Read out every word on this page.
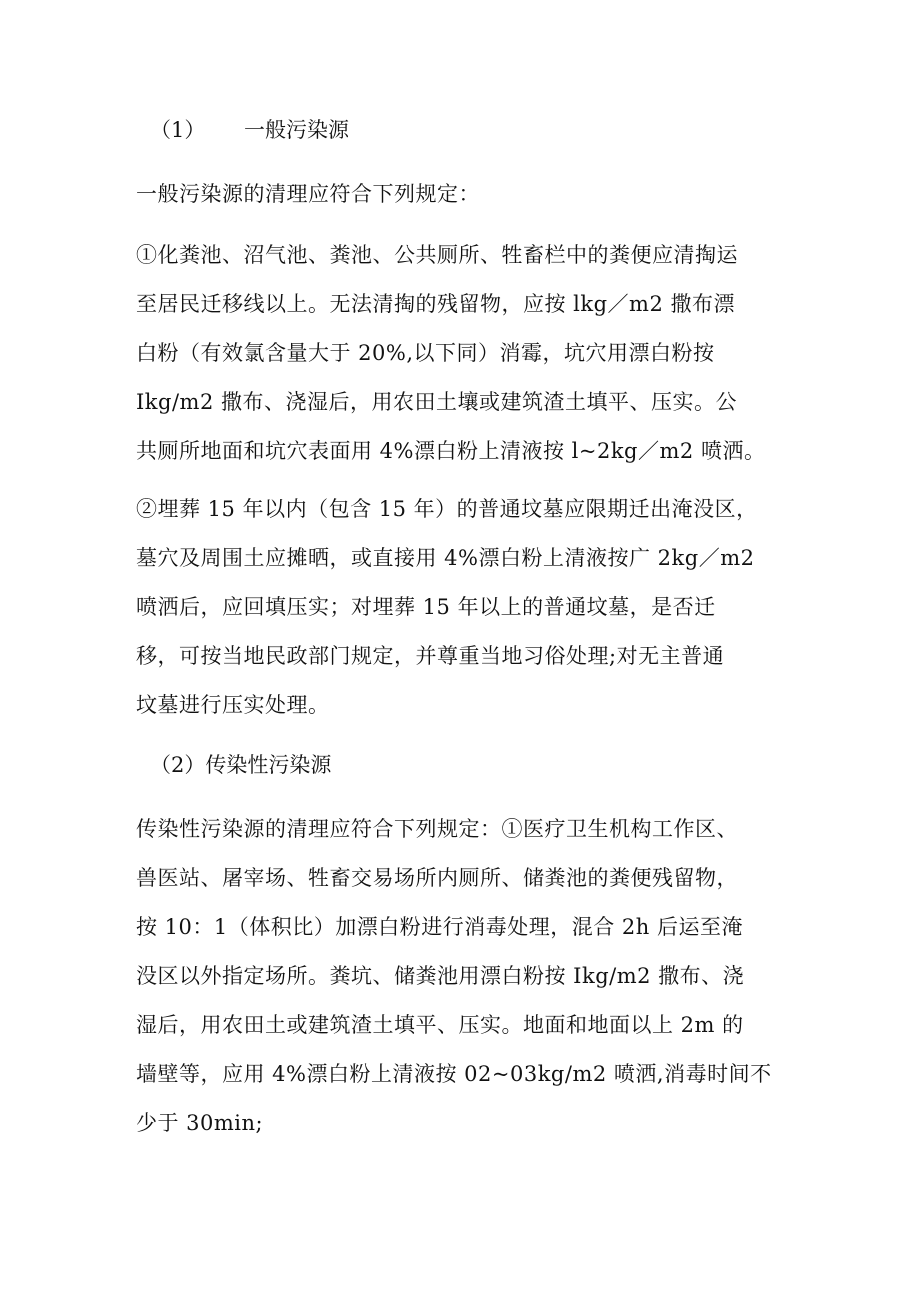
（1） 一般污染源
一般污染源的清理应符合下列规定：
①化粪池、沼气池、粪池、公共厕所、牲畜栏中的粪便应清掏运
至居民迁移线以上。无法清掏的残留物，应按 lkg／m2 撒布漂
白粉（有效氯含量大于 20%,以下同）消霉，坑穴用漂白粉按
Ikg/m2 撒布、浇湿后，用农田土壤或建筑渣土填平、压实。公
共厕所地面和坑穴表面用 4%漂白粉上清液按 l~2kg／m2 喷洒。
②埋葬 15 年以内（包含 15 年）的普通坟墓应限期迁出淹没区，
墓穴及周围土应摊晒，或直接用 4%漂白粉上清液按广 2kg／m2
喷洒后，应回填压实；对埋葬 15 年以上的普通坟墓，是否迁
移，可按当地民政部门规定，并尊重当地习俗处理;对无主普通
坟墓进行压实处理。
（2）传染性污染源
传染性污染源的清理应符合下列规定：①医疗卫生机构工作区、
兽医站、屠宰场、牲畜交易场所内厕所、储粪池的粪便残留物，
按 10：1（体积比）加漂白粉进行消毒处理，混合 2h 后运至淹
没区以外指定场所。粪坑、储粪池用漂白粉按 Ikg/m2 撒布、浇
湿后，用农田土或建筑渣土填平、压实。地面和地面以上 2m 的
墙壁等，应用 4%漂白粉上清液按 02~03kg/m2 喷洒,消毒时间不
少于 30min;
